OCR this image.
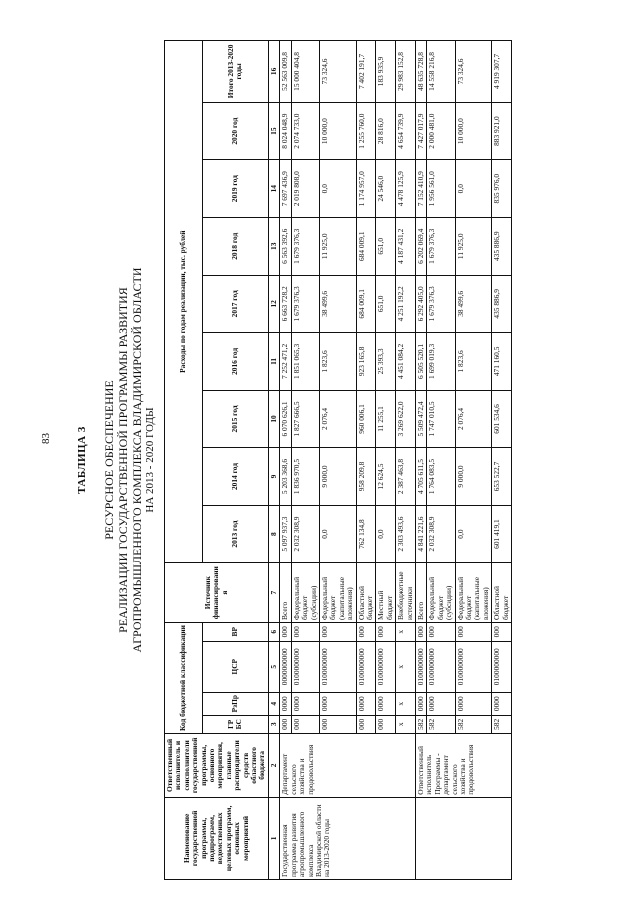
83 ТАБЛИЦА 3 РЕСУРСНОЕ ОБЕСПЕЧЕНИЕ РЕАЛИЗАЦИИ ГОСУДАРСТВЕННОЙ ПРОГРАММЫ РАЗВИТИЯ АГРОПРОМЫШЛЕННОГО КОМПЛЕКСА ВЛАДИМИРСКОЙ ОБЛАСТИ НА 2013 - 2020 ГОДЫ
Наименование государственной программы, подпрограмм, ведомственных целевых программ, основных мероприятий	Ответственный исполнитель и соисполнители государственной программы, основного мероприятия, главные распорядители средств областного бюджета	Код бюджетной классификации				Источник финансирования	Расходы по годам реализации, тыс. рублей								
		ГР БС	РзПр	ЦСР	ВР		2013 год	2014 год	2015 год	2016 год	2017 год	2018 год	2019 год	2020 год	Итого 2013-2020 годы
1	2	3	4	5	6	7	8	9	10	11	12	13	14	15	16
Государственная программа развития агропромышленного комплекса Владимирской области на 2013-2020 годы	Департамент сельского хозяйства и продовольствия	000	0000	0000000000	000	Всего	5 097 937,3	5 203 368,6	6 070 626,1	7 252 471,2	6 663 728,2	6 563 392,6	7 697 436,9	8 024 048,9	52 563 009,8
		000	0000	0100000000	000	Федеральный бюджет (субсидии)	2 032 308,9	1 836 970,5	1 827 666,5	1 851 065,3	1 679 376,3	1 679 376,3	2 019 808,0	2 074 733,0	15 000 404,8
		000	0000	0100000000	000	Федеральный бюджет (капитальные вложения)	0,0	9 000,0	2 076,4	1 823,6	38 499,6	11 925,0	0,0	10 000,0	73 324,6
		000	0000	0100000000	000	Областной бюджет	762 134,8	958 209,8	960 006,1	923 165,8	684 009,1	684 009,1	1 174 957,0	1 255 760,0	7 402 191,7
		000	0000	0100000000	000	Местный бюджет	0,0	12 624,5	11 255,1	25 393,3	651,0	651,0	24 546,0	28 816,0	183 935,9
		x	x	x	x	Внебюджетные источники	2 303 493,6	2 387 463,8	3 269 622,0	4 451 084,2	4 251 192,2	4 187 431,2	4 478 125,9	4 654 739,9	29 983 152,8
	Ответственный исполнитель Программы - департамент сельского хозяйства и продовольствия	582	0000	0100000000	000	Всего	4 841 221,6	4 705 611,5	5 509 472,4	6 505 520,1	6 292 405,0	6 202 069,4	7 152 410,9	7 427 017,9	48 635 728,8
		582	0000	0100000000	000	Федеральный бюджет (субсидии)	2 032 308,9	1 764 083,5	1 747 010,5	1 699 019,3	1 679 376,3	1 679 376,3	1 956 561,0	2 000 481,0	14 558 216,8
		582	0000	0100000000	000	Федеральный бюджет (капитальные вложения)	0,0	9 000,0	2 076,4	1 823,6	38 499,6	11 925,0	0,0	10 000,0	73 324,6
		582	0000	0100000000	000	Областной бюджет	601 419,1	653 522,7	601 534,6	471 160,5	435 886,9	435 886,9	835 976,0	883 921,0	4 919 307,7
